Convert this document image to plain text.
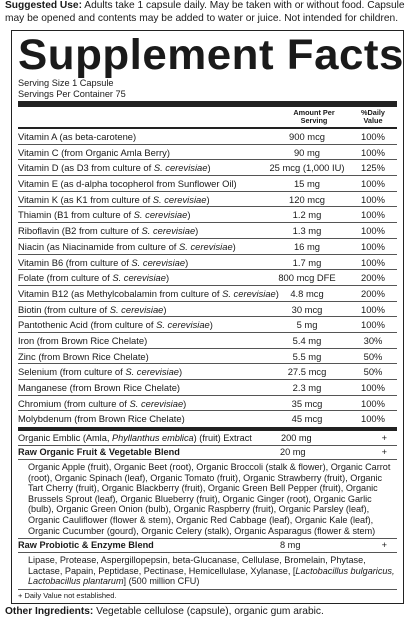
Suggested Use: Adults take 1 capsule daily. May be taken with or without food. Capsule may be opened and contents may be added to water or juice. Not intended for children.
Supplement Facts
Serving Size 1 Capsule
Servings Per Container 75
Amount Per Serving
%Daily Value
Vitamin A (as beta-carotene)	900 mcg	100%
Vitamin C (from Organic Amla Berry)	90 mg	100%
Vitamin D (as D3 from culture of S. cerevisiae)	25 mcg (1,000 IU)	125%
Vitamin E (as d-alpha tocopherol from Sunflower Oil)	15 mg	100%
Vitamin K (as K1 from culture of S. cerevisiae)	120 mcg	100%
Thiamin (B1 from culture of S. cerevisiae)	1.2 mg	100%
Riboflavin (B2 from culture of S. cerevisiae)	1.3 mg	100%
Niacin (as Niacinamide from culture of S. cerevisiae)	16 mg	100%
Vitamin B6 (from culture of S. cerevisiae)	1.7 mg	100%
Folate (from culture of S. cerevisiae)	800 mcg DFE	200%
Vitamin B12 (as Methylcobalamin from culture of S. cerevisiae)	4.8 mcg	200%
Biotin (from culture of S. cerevisiae)	30 mcg	100%
Pantothenic Acid (from culture of S. cerevisiae)	5 mg	100%
Iron (from Brown Rice Chelate)	5.4 mg	30%
Zinc (from Brown Rice Chelate)	5.5 mg	50%
Selenium (from culture of S. cerevisiae)	27.5 mcg	50%
Manganese (from Brown Rice Chelate)	2.3 mg	100%
Chromium (from culture of S. cerevisiae)	35 mcg	100%
Molybdenum (from Brown Rice Chelate)	45 mcg	100%
Organic Emblic (Amla, Phyllanthus emblica) (fruit) Extract	200 mg	+
Raw Organic Fruit & Vegetable Blend	20 mg	+
Organic Apple (fruit), Organic Beet (root), Organic Broccoli (stalk & flower), Organic Carrot (root), Organic Spinach (leaf), Organic Tomato (fruit), Organic Strawberry (fruit), Organic Tart Cherry (fruit), Organic Blackberry (fruit), Organic Green Bell Pepper (fruit), Organic Brussels Sprout (leaf), Organic Blueberry (fruit), Organic Ginger (root), Organic Garlic (bulb), Organic Green Onion (bulb), Organic Raspberry (fruit), Organic Parsley (leaf), Organic Cauliflower (flower & stem), Organic Red Cabbage (leaf), Organic Kale (leaf), Organic Cucumber (gourd), Organic Celery (stalk), Organic Asparagus (flower & stem)
Raw Probiotic & Enzyme Blend	8 mg	+
Lipase, Protease, Aspergillopepsin, beta-Glucanase, Cellulase, Bromelain, Phytase, Lactase, Papain, Peptidase, Pectinase, Hemicellulase, Xylanase, [Lactobacillus bulgaricus, Lactobacillus plantarum] (500 million CFU)
+ Daily Value not established.
Other Ingredients: Vegetable cellulose (capsule), organic gum arabic.
